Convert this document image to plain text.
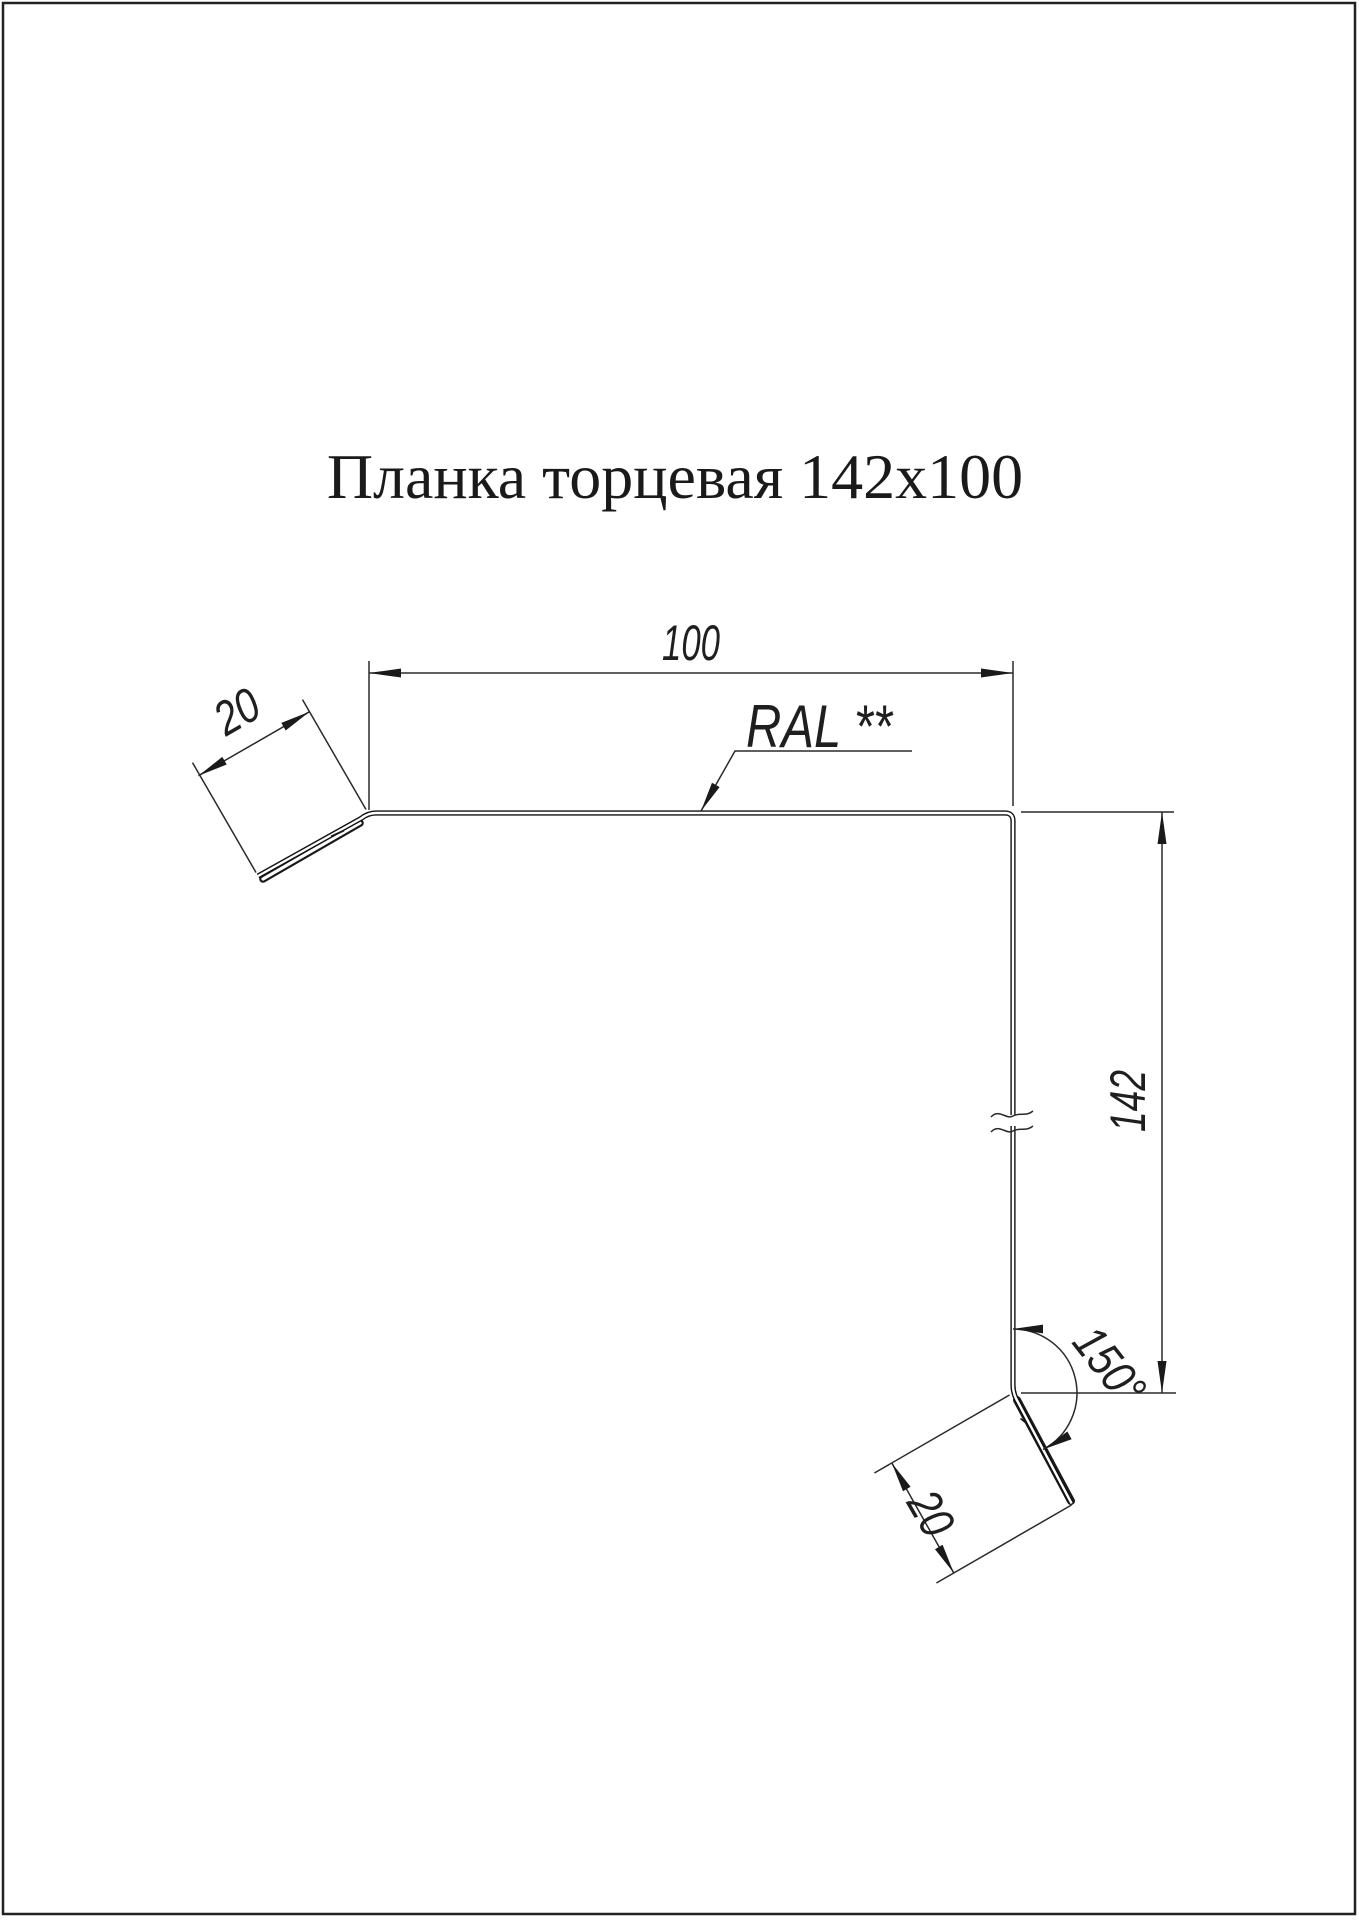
Планка торцевая 142х100
100
20	RAL **
142
150°
20
